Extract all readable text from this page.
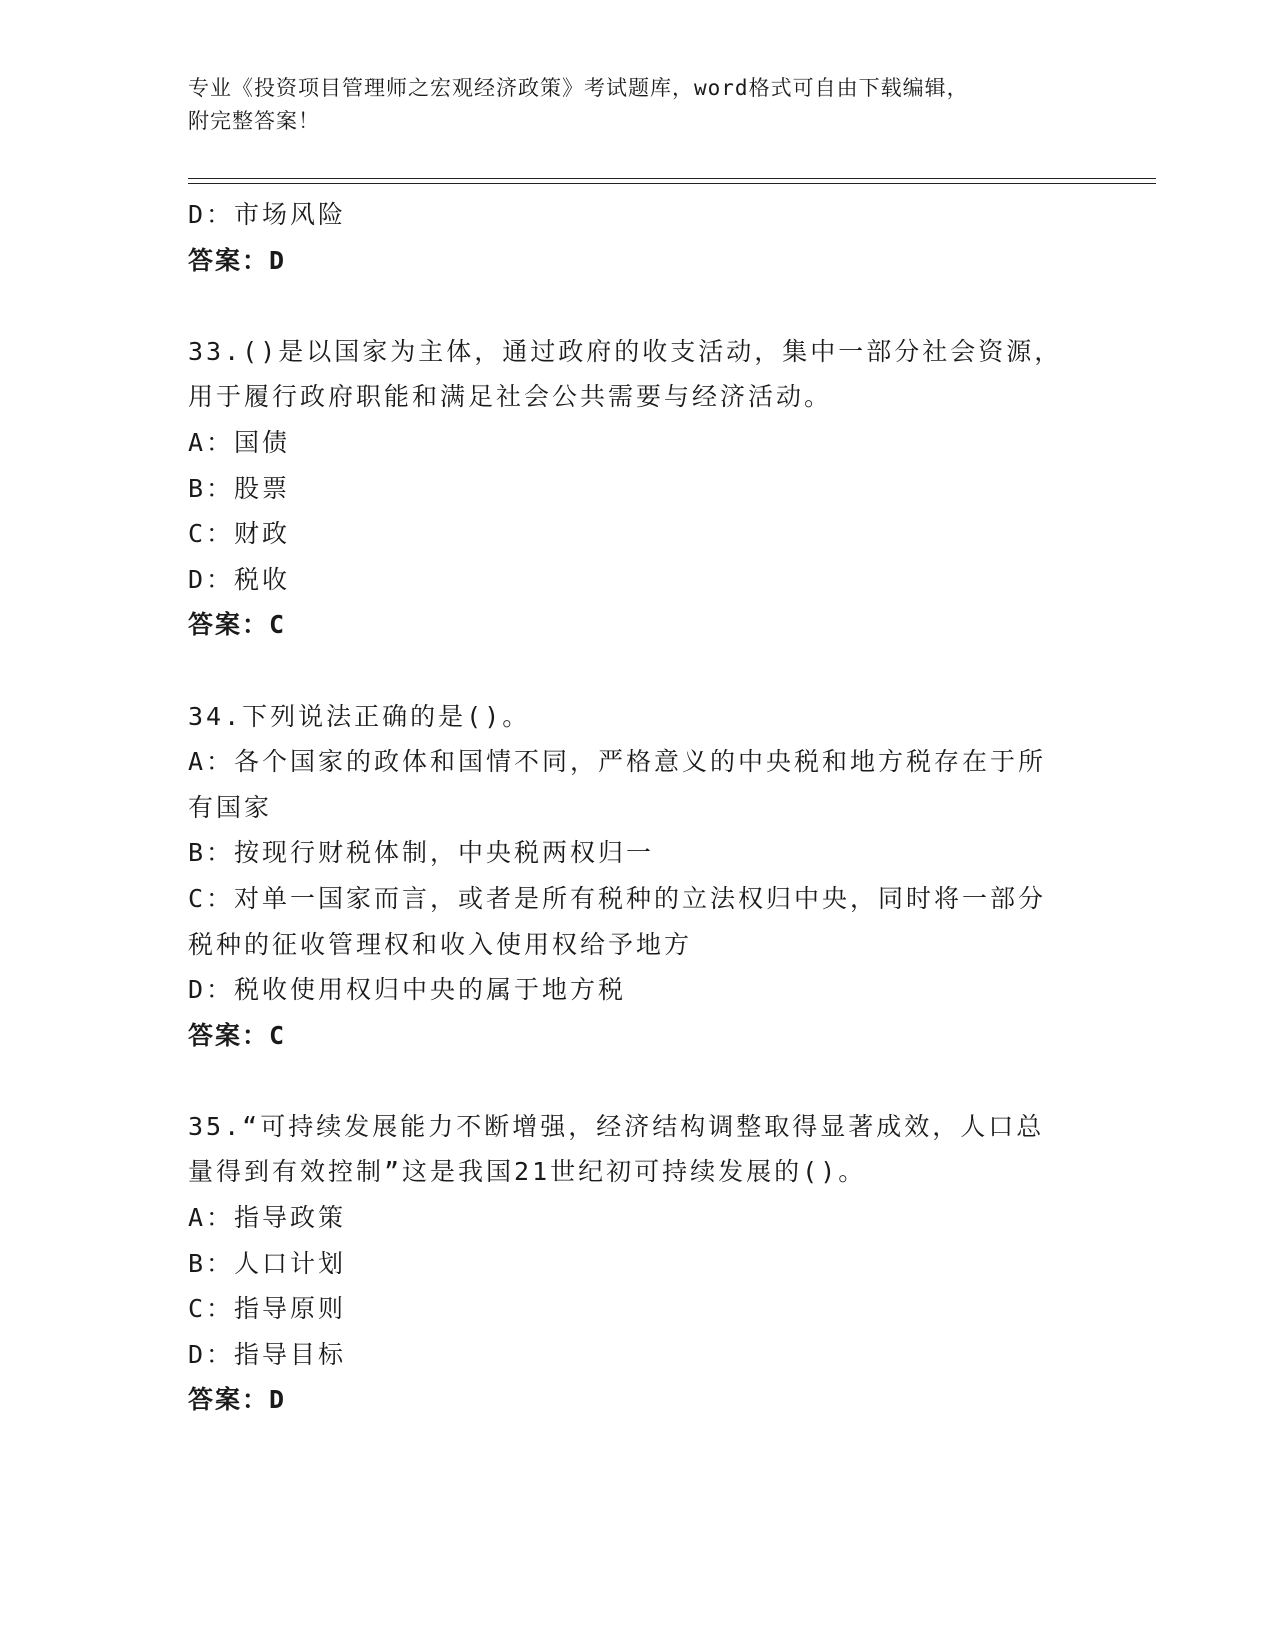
专业《投资项目管理师之宏观经济政策》考试题库，word格式可自由下载编辑，
附完整答案！
D：市场风险
答案：D
33.()是以国家为主体，通过政府的收支活动，集中一部分社会资源，
用于履行政府职能和满足社会公共需要与经济活动。
A：国债
B：股票
C：财政
D：税收
答案：C
34.下列说法正确的是()。
A：各个国家的政体和国情不同，严格意义的中央税和地方税存在于所
有国家
B：按现行财税体制，中央税两权归一
C：对单一国家而言，或者是所有税种的立法权归中央，同时将一部分
税种的征收管理权和收入使用权给予地方
D：税收使用权归中央的属于地方税
答案：C
35.“可持续发展能力不断增强，经济结构调整取得显著成效，人口总
量得到有效控制”这是我国21世纪初可持续发展的()。
A：指导政策
B：人口计划
C：指导原则
D：指导目标
答案：D
